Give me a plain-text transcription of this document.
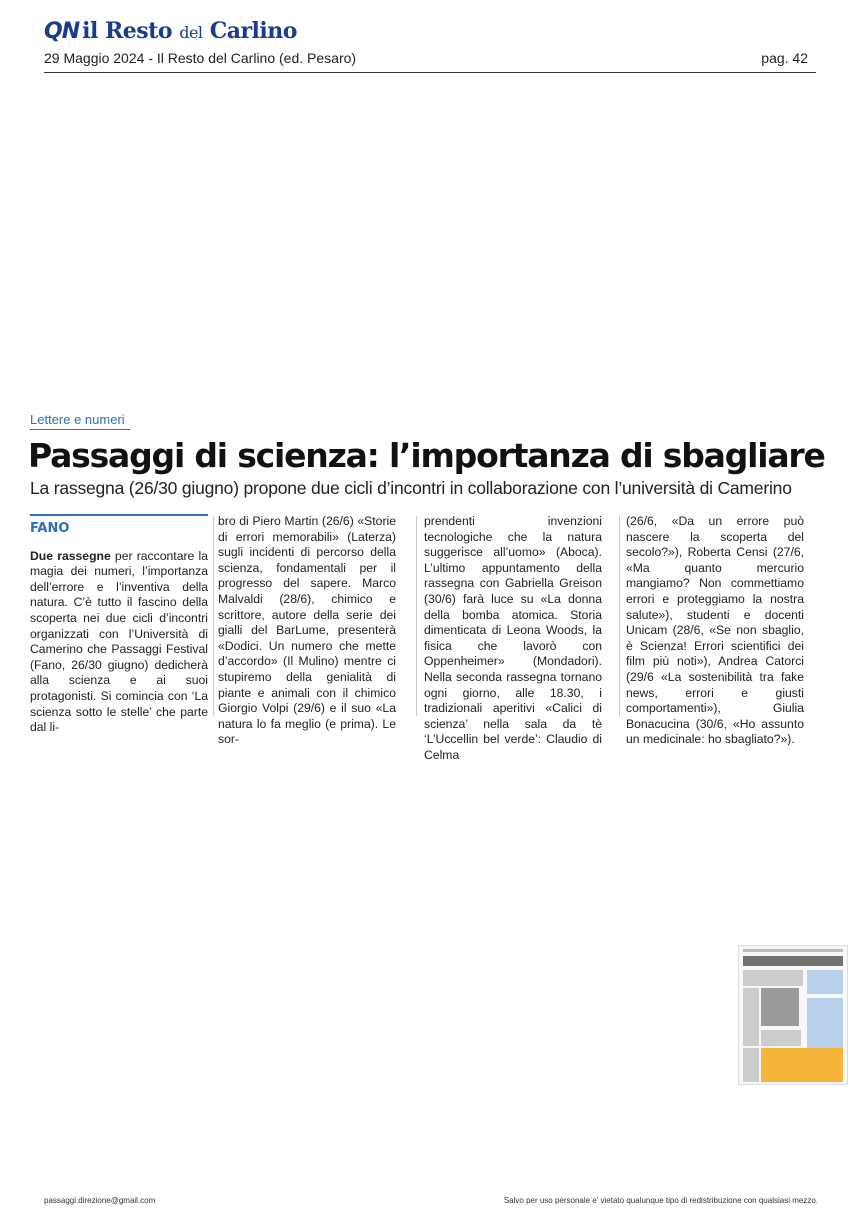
QN il Resto del Carlino
29 Maggio 2024 - Il Resto del Carlino (ed. Pesaro)	pag. 42
Lettere e numeri
Passaggi di scienza: l’importanza di sbagliare
La rassegna (26/30 giugno) propone due cicli d’incontri in collaborazione con l’università di Camerino
FANO
Due rassegne per raccontare la magia dei numeri, l’importanza dell’errore e l’inventiva della natura. C’è tutto il fascino della scoperta nei due cicli d’incontri organizzati con l’Università di Camerino che Passaggi Festival (Fano, 26/30 giugno) dedicherà alla scienza e ai suoi protagonisti. Si comincia con ‘La scienza sotto le stelle’ che parte dal li-
bro di Piero Martin (26/6) «Storie di errori memorabili» (Laterza) sugli incidenti di percorso della scienza, fondamentali per il progresso del sapere. Marco Malvaldi (28/6), chimico e scrittore, autore della serie dei gialli del BarLume, presenterà «Dodici. Un numero che mette d’accordo» (Il Mulino) mentre ci stupiremo della genialità di piante e animali con il chimico Giorgio Volpi (29/6) e il suo «La natura lo fa meglio (e prima). Le sor-
prendenti invenzioni tecnologiche che la natura suggerisce all’uomo» (Aboca). L’ultimo appuntamento della rassegna con Gabriella Greison (30/6) farà luce su «La donna della bomba atomica. Storia dimenticata di Leona Woods, la fisica che lavorò con Oppenheimer» (Mondadori). Nella seconda rassegna tornano ogni giorno, alle 18.30, i tradizionali aperitivi «Calici di scienza’ nella sala da tè ‘L’Uccellin bel verde’: Claudio di Celma
(26/6, «Da un errore può nascere la scoperta del secolo?»), Roberta Censi (27/6, «Ma quanto mercurio mangiamo? Non commettiamo errori e proteggiamo la nostra salute»), studenti e docenti Unicam (28/6, «Se non sbaglio, è Scienza! Errori scientifici dei film più noti»), Andrea Catorci (29/6 «La sostenibilità tra fake news, errori e giusti comportamenti»), Giulia Bonacucina (30/6, «Ho assunto un medicinale: ho sbagliato?»).
passaggi.direzione@gmail.com	Salvo per uso personale e' vietato qualunque tipo di redistribuzione con qualsiasi mezzo.
